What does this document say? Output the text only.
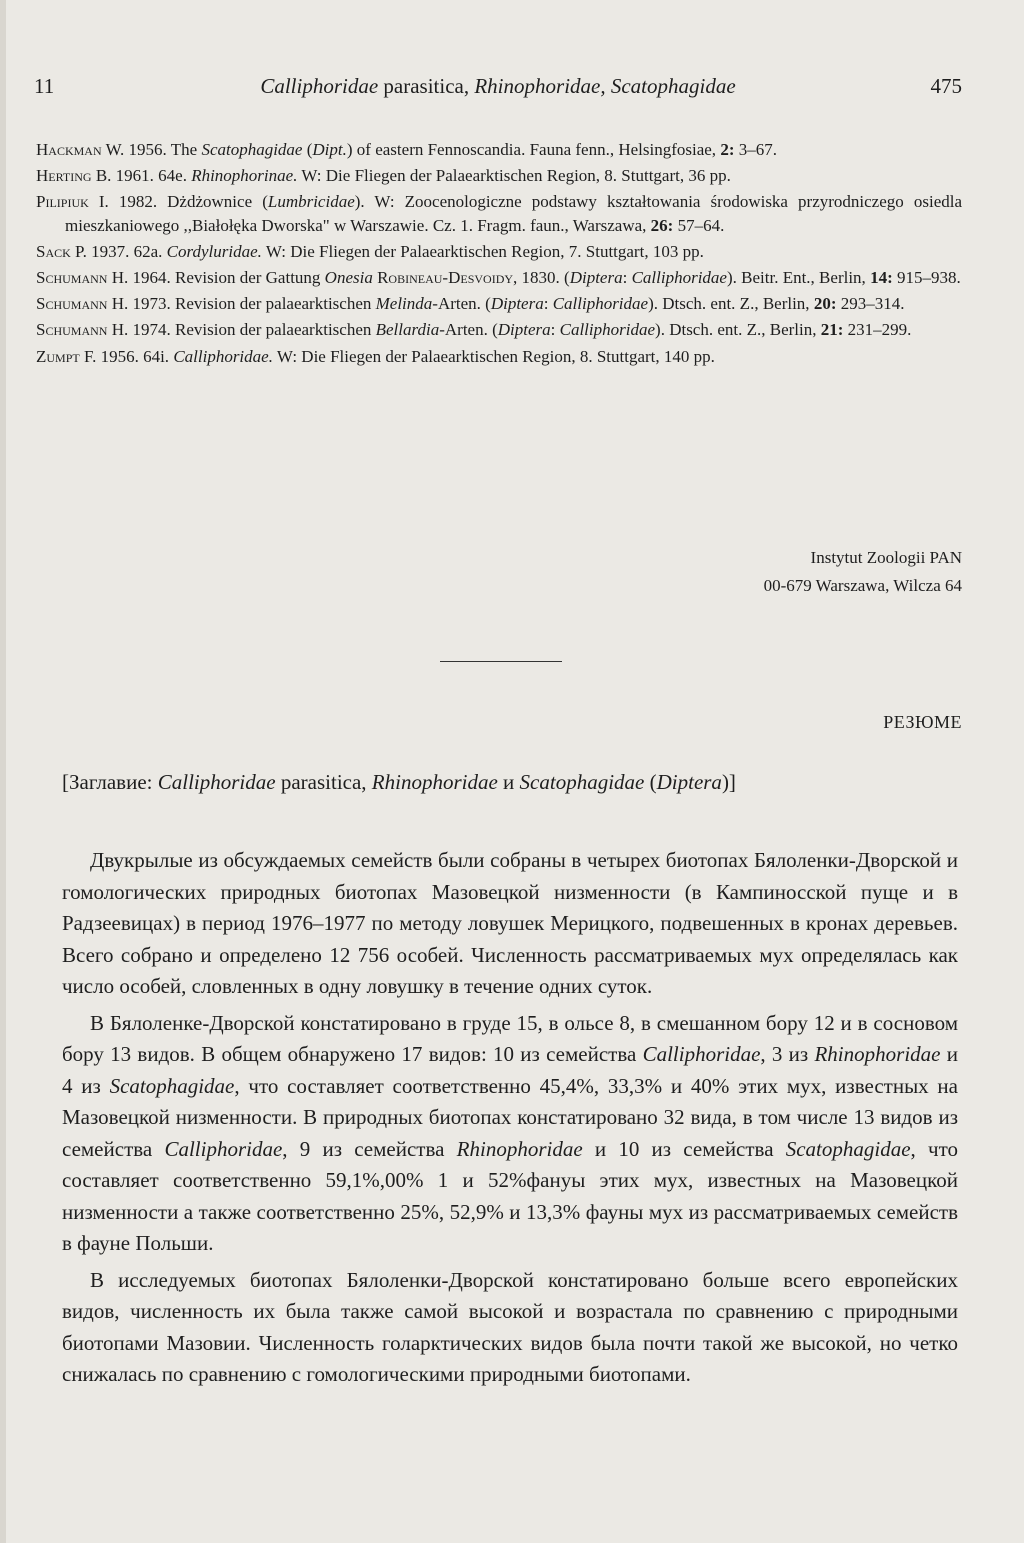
11	Calliphoridae parasitica, Rhinophoridae, Scatophagidae	475

Hackman W. 1956. The Scatophagidae (Dipt.) of eastern Fennoscandia. Fauna fenn., Helsingfosiae, 2: 3–67.

Herting B. 1961. 64e. Rhinophorinae. W: Die Fliegen der Palaearktischen Region, 8. Stuttgart, 36 pp.

Pilipiuk I. 1982. Dżdżownice (Lumbricidae). W: Zoocenologiczne podstawy kształtowania środowiska przyrodniczego osiedla mieszkaniowego ,,Białołęka Dworska" w Warszawie. Cz. 1. Fragm. faun., Warszawa, 26: 57–64.

Sack P. 1937. 62a. Cordyluridae. W: Die Fliegen der Palaearktischen Region, 7. Stuttgart, 103 pp.

Schumann H. 1964. Revision der Gattung Onesia Robineau-Desvoidy, 1830. (Diptera: Calliphoridae). Beitr. Ent., Berlin, 14: 915–938.

Schumann H. 1973. Revision der palaearktischen Melinda-Arten. (Diptera: Calliphoridae). Dtsch. ent. Z., Berlin, 20: 293–314.

Schumann H. 1974. Revision der palaearktischen Bellardia-Arten. (Diptera: Calliphoridae). Dtsch. ent. Z., Berlin, 21: 231–299.

Zumpt F. 1956. 64i. Calliphoridae. W: Die Fliegen der Palaearktischen Region, 8. Stuttgart, 140 pp.

Instytut Zoologii PAN
00-679 Warszawa, Wilcza 64
РЕЗЮМЕ
[Заглавие: Calliphoridae parasitica, Rhinophoridae и Scatophagidae (Diptera)]

Двукрылые из обсуждаемых семейств были собраны в четырех биотопах Бялоленки-Дворской и гомологических природных биотопах Мазовецкой низменности (в Кампиносской пуще и в Радзеевицах) в период 1976–1977 по методу ловушек Мерицкого, подвешенных в кронах деревьев. Всего собрано и определено 12 756 особей. Численность рассматриваемых мух определялась как число особей, словленных в одну ловушку в течение одних суток.

В Бялоленке-Дворской констатировано в груде 15, в ольсе 8, в смешанном бору 12 и в сосновом бору 13 видов. В общем обнаружено 17 видов: 10 из семейства Calliphoridae, 3 из Rhinophoridae и 4 из Scatophagidae, что составляет соответственно 45,4%, 33,3% и 40% этих мух, известных на Мазовецкой низменности. В природных биотопах констатировано 32 вида, в том числе 13 видов из семейства Calliphoridae, 9 из семейства Rhinophoridae и 10 из семейства Scatophagidae, что составляет соответственно 59,1%,00% 1 и 52%фануы этих мух, известных на Мазовецкой низменности а также соответственно 25%, 52,9% и 13,3% фауны мух из рассматриваемых семейств в фауне Польши.

В исследуемых биотопах Бялоленки-Дворской констатировано больше всего европейских видов, численность их была также самой высокой и возрастала по сравнению с природными биотопами Мазовии. Численность голарктических видов была почти такой же высокой, но четко снижалась по сравнению с гомологическими природными биотопами.
